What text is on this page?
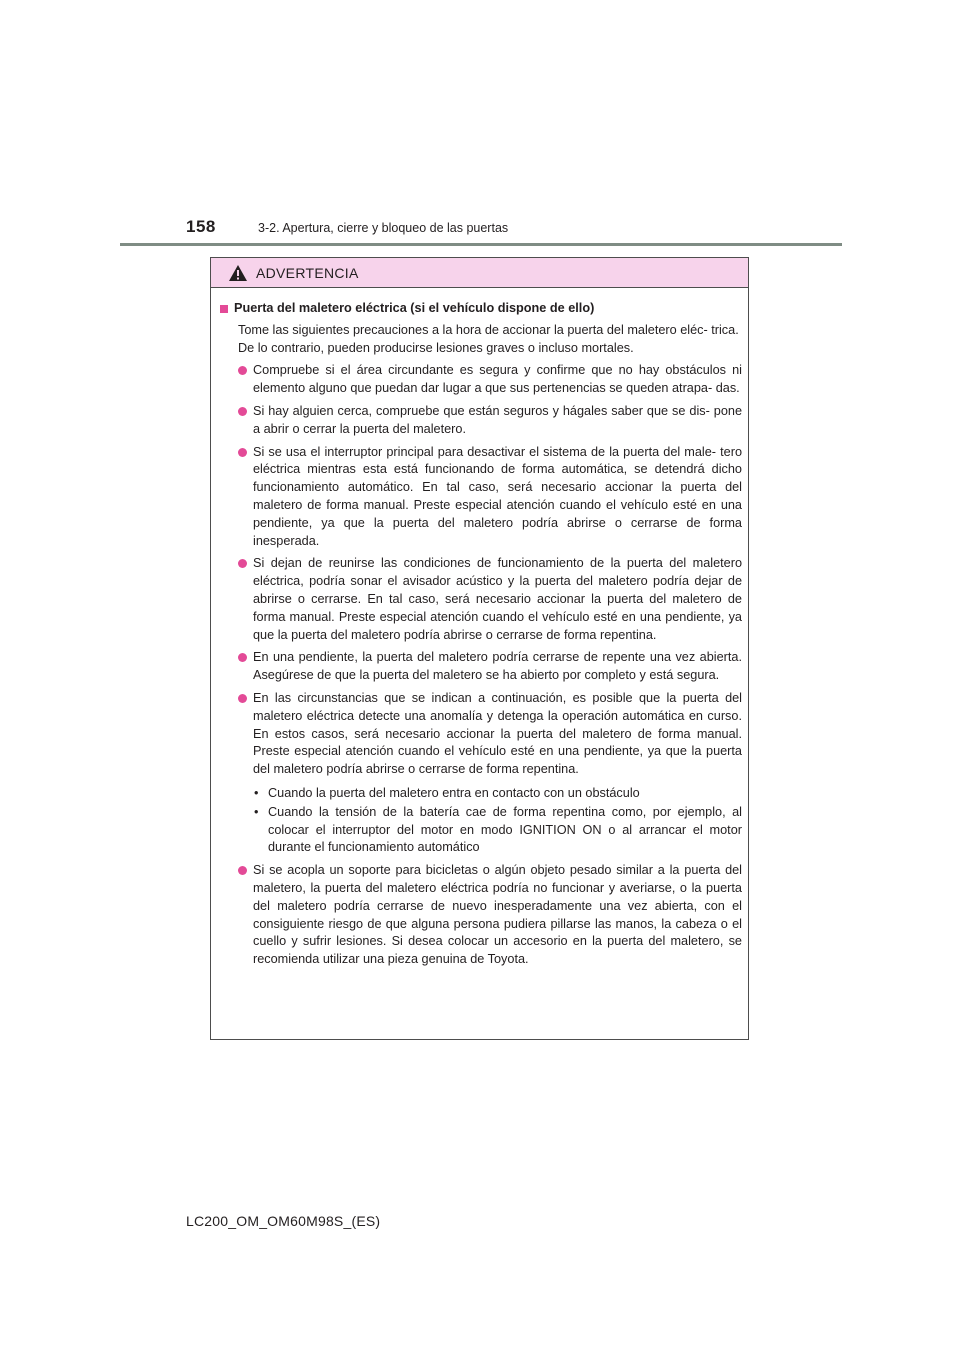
158	3-2. Apertura, cierre y bloqueo de las puertas
ADVERTENCIA
Puerta del maletero eléctrica (si el vehículo dispone de ello)

Tome las siguientes precauciones a la hora de accionar la puerta del maletero eléc- trica.

De lo contrario, pueden producirse lesiones graves o incluso mortales.

Compruebe si el área circundante es segura y confirme que no hay obstáculos ni elemento alguno que puedan dar lugar a que sus pertenencias se queden atrapa- das.
Si hay alguien cerca, compruebe que están seguros y hágales saber que se dis- pone a abrir o cerrar la puerta del maletero.
Si se usa el interruptor principal para desactivar el sistema de la puerta del male- tero eléctrica mientras esta está funcionando de forma automática, se detendrá dicho funcionamiento automático. En tal caso, será necesario accionar la puerta del maletero de forma manual. Preste especial atención cuando el vehículo esté en una pendiente, ya que la puerta del maletero podría abrirse o cerrarse de forma inesperada.
Si dejan de reunirse las condiciones de funcionamiento de la puerta del maletero eléctrica, podría sonar el avisador acústico y la puerta del maletero podría dejar de abrirse o cerrarse. En tal caso, será necesario accionar la puerta del maletero de forma manual. Preste especial atención cuando el vehículo esté en una pendiente, ya que la puerta del maletero podría abrirse o cerrarse de forma repentina.
En una pendiente, la puerta del maletero podría cerrarse de repente una vez abierta. Asegúrese de que la puerta del maletero se ha abierto por completo y está segura.
En las circunstancias que se indican a continuación, es posible que la puerta del maletero eléctrica detecte una anomalía y detenga la operación automática en curso. En estos casos, será necesario accionar la puerta del maletero de forma manual. Preste especial atención cuando el vehículo esté en una pendiente, ya que la puerta del maletero podría abrirse o cerrarse de forma repentina.
• Cuando la puerta del maletero entra en contacto con un obstáculo
• Cuando la tensión de la batería cae de forma repentina como, por ejemplo, al colocar el interruptor del motor en modo IGNITION ON o al arrancar el motor durante el funcionamiento automático
Si se acopla un soporte para bicicletas o algún objeto pesado similar a la puerta del maletero, la puerta del maletero eléctrica podría no funcionar y averiarse, o la puerta del maletero podría cerrarse de nuevo inesperadamente una vez abierta, con el consiguiente riesgo de que alguna persona pudiera pillarse las manos, la cabeza o el cuello y sufrir lesiones. Si desea colocar un accesorio en la puerta del maletero, se recomienda utilizar una pieza genuina de Toyota.
LC200_OM_OM60M98S_(ES)
